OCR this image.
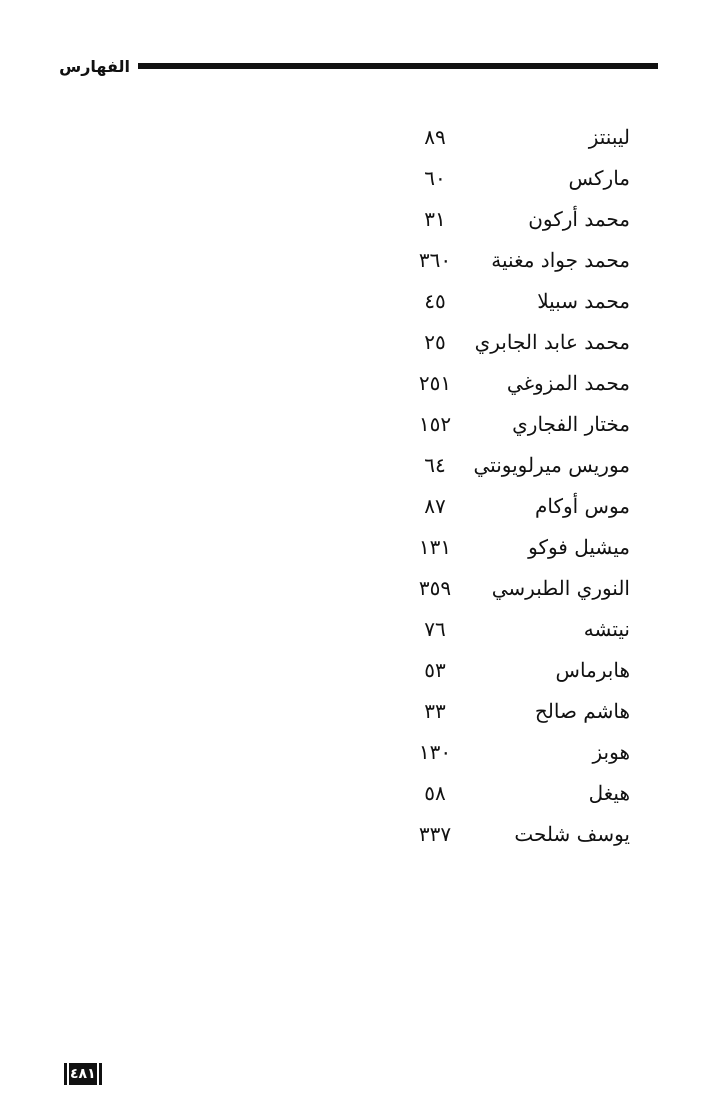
الفهارس
ليبنتز
٨٩
ماركس
٦٠
محمد أركون
٣١
محمد جواد مغنية
٣٦٠
محمد سبيلا
٤٥
محمد عابد الجابري
٢٥
محمد المزوغي
٢٥١
مختار الفجاري
١٥٢
موريس ميرلويونتي
٦٤
موس أوكام
٨٧
ميشيل فوكو
١٣١
النوري الطبرسي
٣٥٩
نيتشه
٧٦
هابرماس
٥٣
هاشم صالح
٣٣
هوبز
١٣٠
هيغل
٥٨
يوسف شلحت
٣٣٧
٤٨١
